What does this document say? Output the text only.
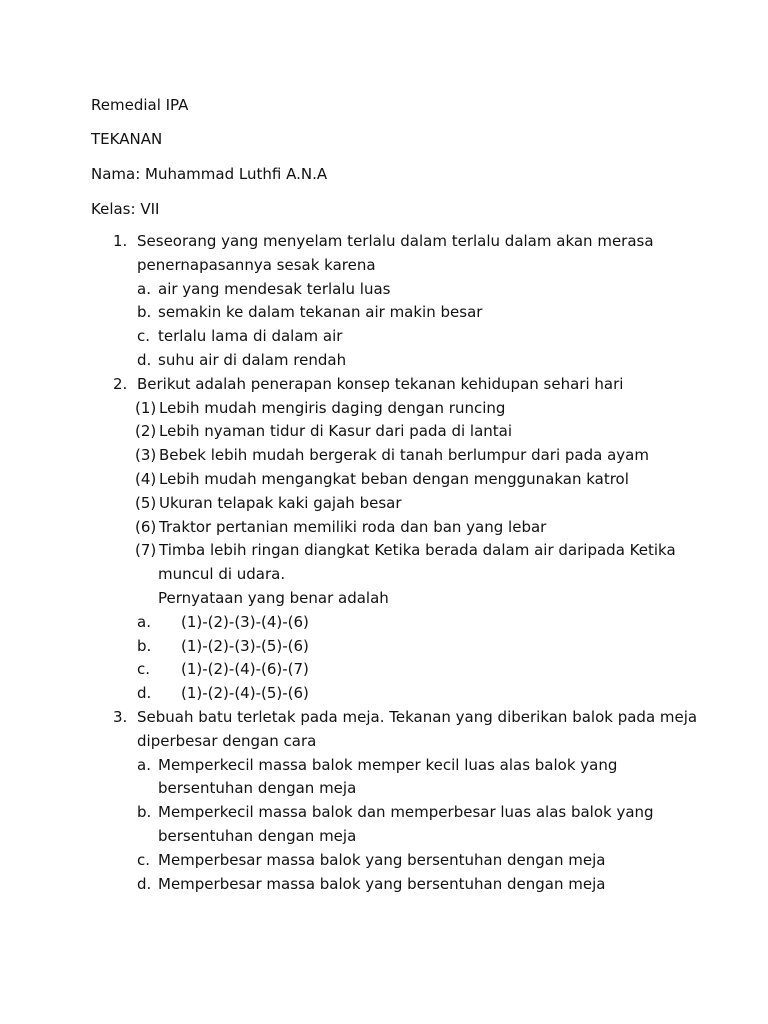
Remedial IPA
TEKANAN
Nama: Muhammad Luthfi A.N.A
Kelas: VII
1. Seseorang yang menyelam terlalu dalam terlalu dalam akan merasa
penernapasannya sesak karena
a. air yang mendesak terlalu luas
b. semakin ke dalam tekanan air makin besar
c. terlalu lama di dalam air
d. suhu air di dalam rendah
2. Berikut adalah penerapan konsep tekanan kehidupan sehari hari
(1) Lebih mudah mengiris daging dengan runcing
(2) Lebih nyaman tidur di Kasur dari pada di lantai
(3) Bebek lebih mudah bergerak di tanah berlumpur dari pada ayam
(4) Lebih mudah mengangkat beban dengan menggunakan katrol
(5) Ukuran telapak kaki gajah besar
(6) Traktor pertanian memiliki roda dan ban yang lebar
(7) Timba lebih ringan diangkat Ketika berada dalam air daripada Ketika
muncul di udara.
Pernyataan yang benar adalah
a. (1)-(2)-(3)-(4)-(6)
b. (1)-(2)-(3)-(5)-(6)
c. (1)-(2)-(4)-(6)-(7)
d. (1)-(2)-(4)-(5)-(6)
3. Sebuah batu terletak pada meja. Tekanan yang diberikan balok pada meja
diperbesar dengan cara
a. Memperkecil massa balok memper kecil luas alas balok yang
bersentuhan dengan meja
b. Memperkecil massa balok dan memperbesar luas alas balok yang
bersentuhan dengan meja
c. Memperbesar massa balok yang bersentuhan dengan meja
d. Memperbesar massa balok yang bersentuhan dengan meja
